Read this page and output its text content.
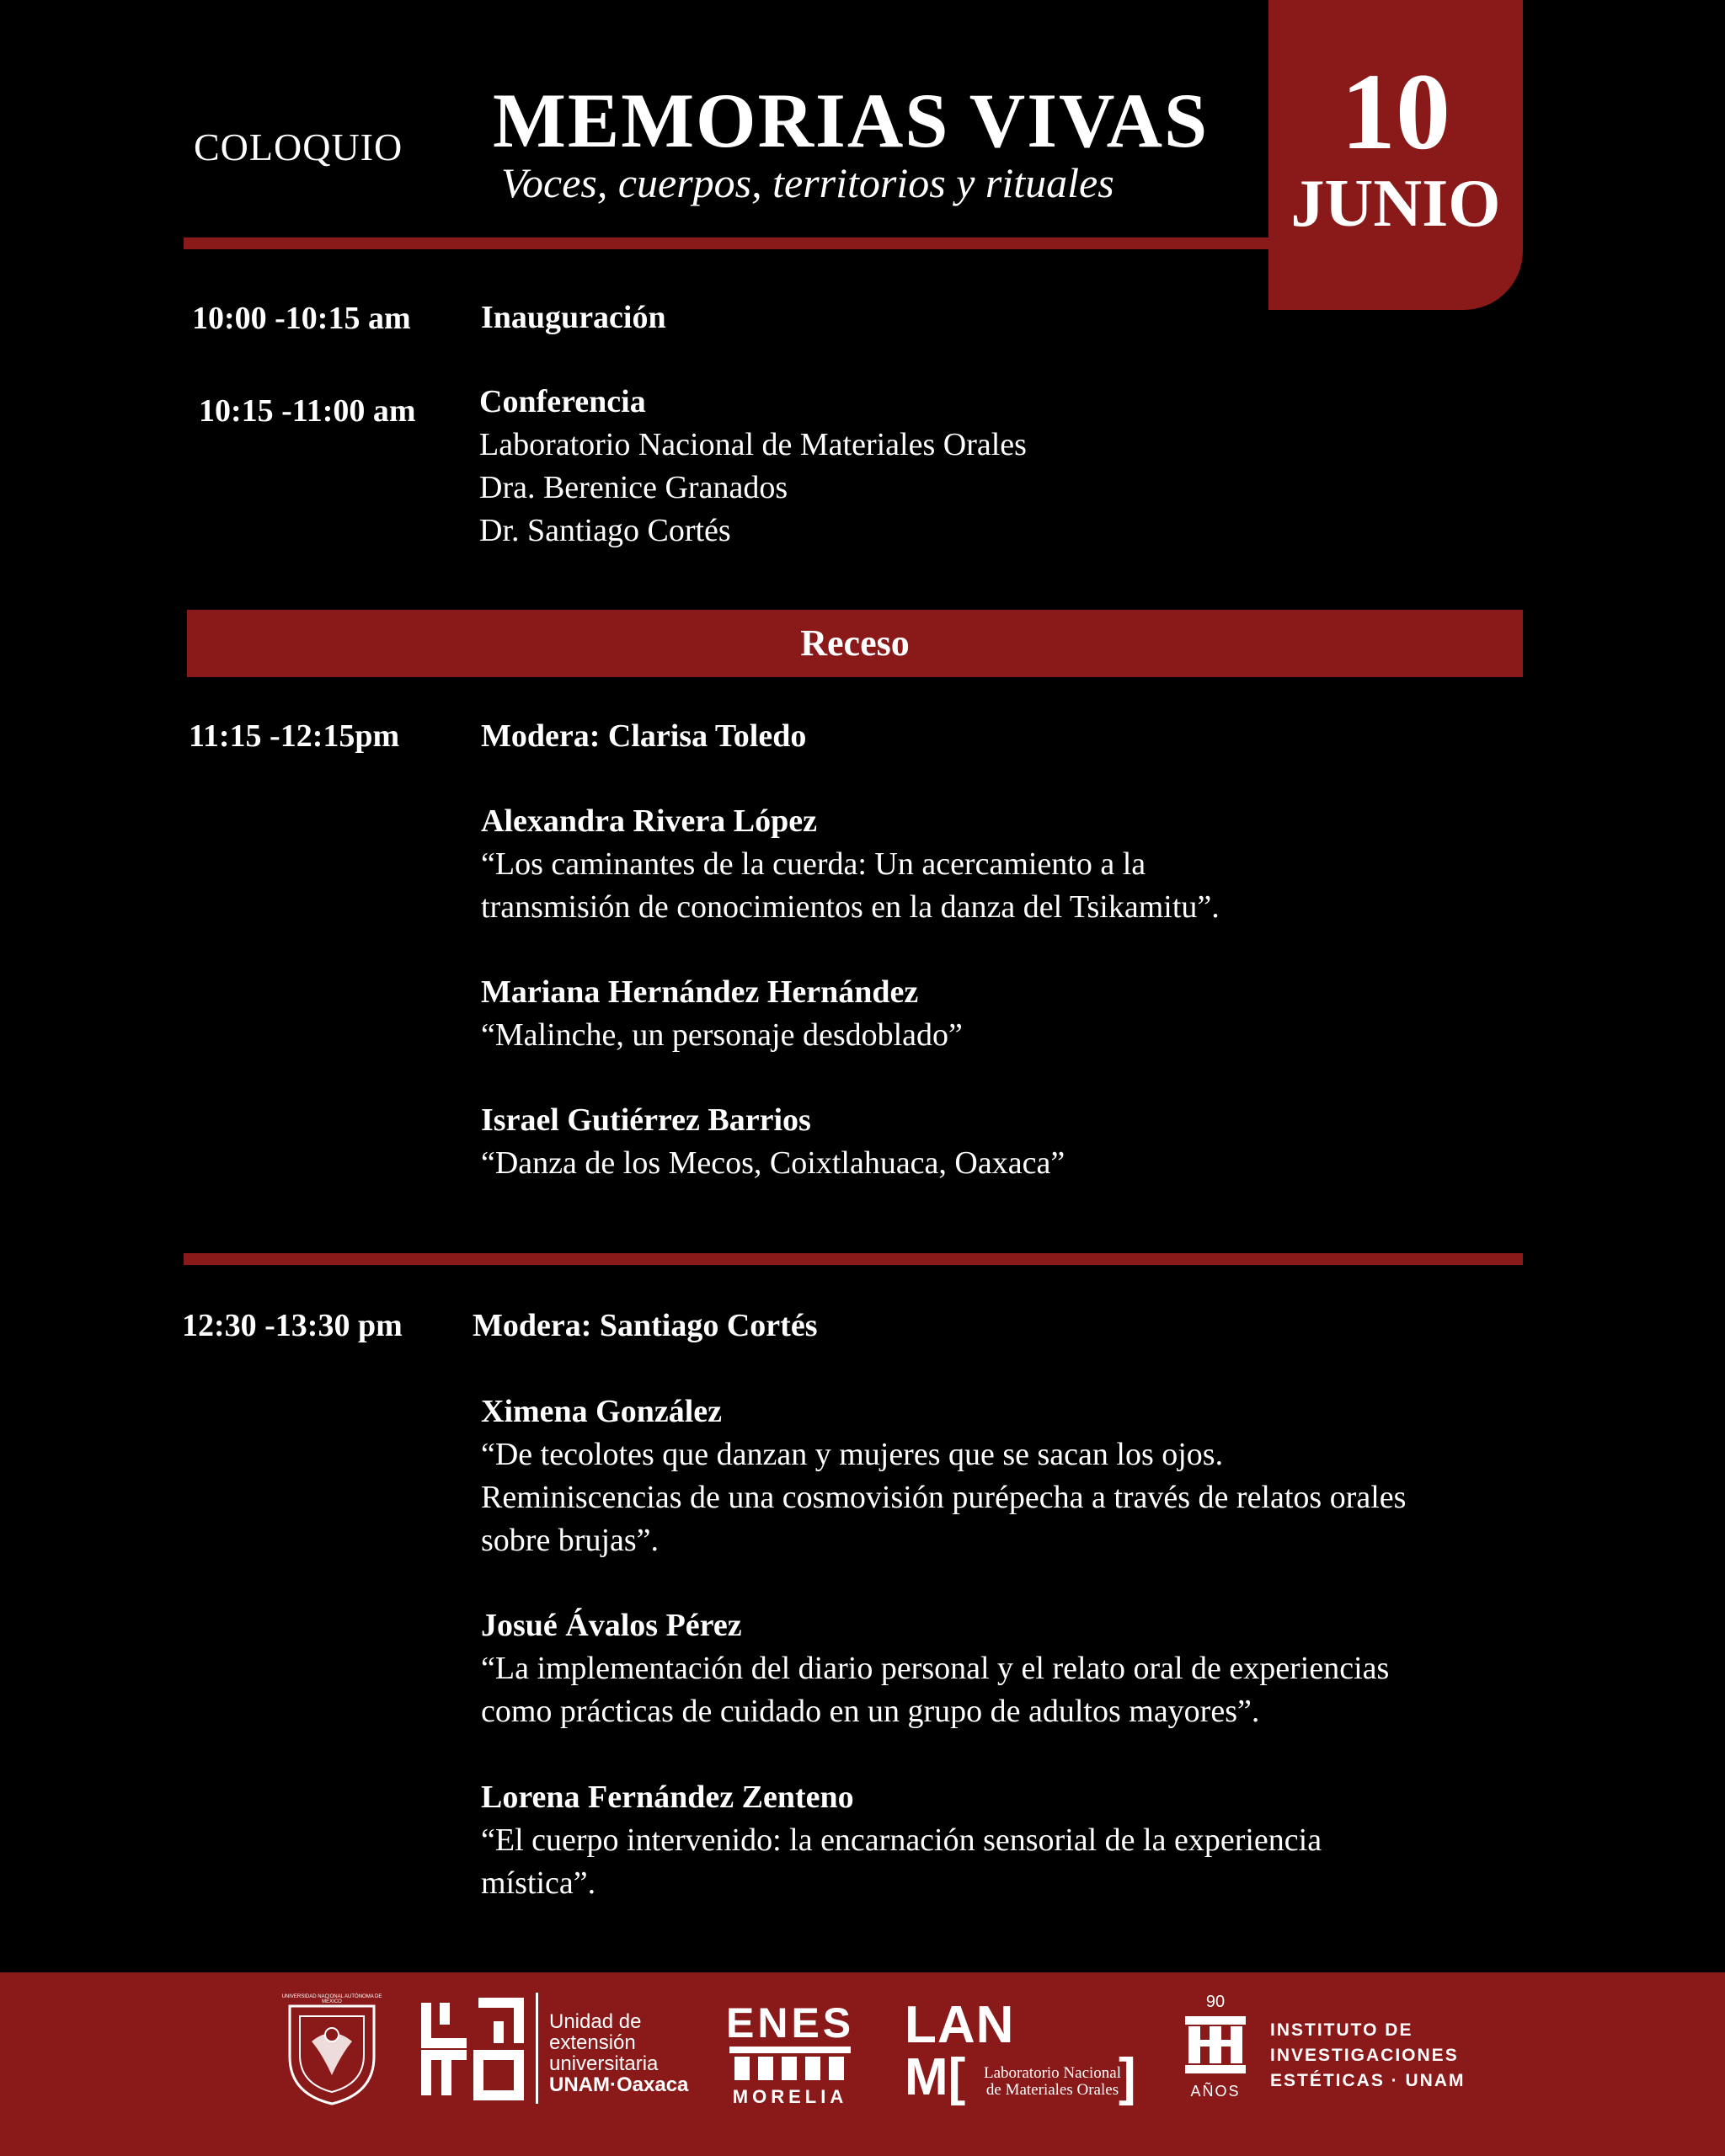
COLOQUIO MEMORIAS VIVAS
Voces, cuerpos, territorios y rituales
10
JUNIO
10:00 -10:15 am Inauguración
10:15 -11:00 am Conferencia
Laboratorio Nacional de Materiales Orales
Dra. Berenice Granados
Dr. Santiago Cortés
Receso
11:15 -12:15pm	Modera: Clarisa Toledo
Alexandra Rivera López
“Los caminantes de la cuerda: Un acercamiento a la
transmisión de conocimientos en la danza del Tsikamitu”.
Mariana Hernández Hernández
“Malinche, un personaje desdoblado”
Israel Gutiérrez Barrios
“Danza de los Mecos, Coixtlahuaca, Oaxaca”
12:30 -13:30 pm Modera: Santiago Cortés
Ximena González
“De tecolotes que danzan y mujeres que se sacan los ojos.
Reminiscencias de una cosmovisión purépecha a través de relatos orales
sobre brujas”.
Josué Ávalos Pérez
“La implementación del diario personal y el relato oral de experiencias
como prácticas de cuidado en un grupo de adultos mayores”.
Lorena Fernández Zenteno
“El cuerpo intervenido: la encarnación sensorial de la experiencia
mística”.
UNIVERSIDAD NACIONAL AUTÓNOMA DE MÉXICO
Unidad de
extensión
universitaria
UNAM·Oaxaca
ENES
MORELIA
LAN
M[ Laboratorio Nacional
de Materiales Orales ]
90
AÑOS
INSTITUTO DE
INVESTIGACIONES
ESTÉTICAS · UNAM
